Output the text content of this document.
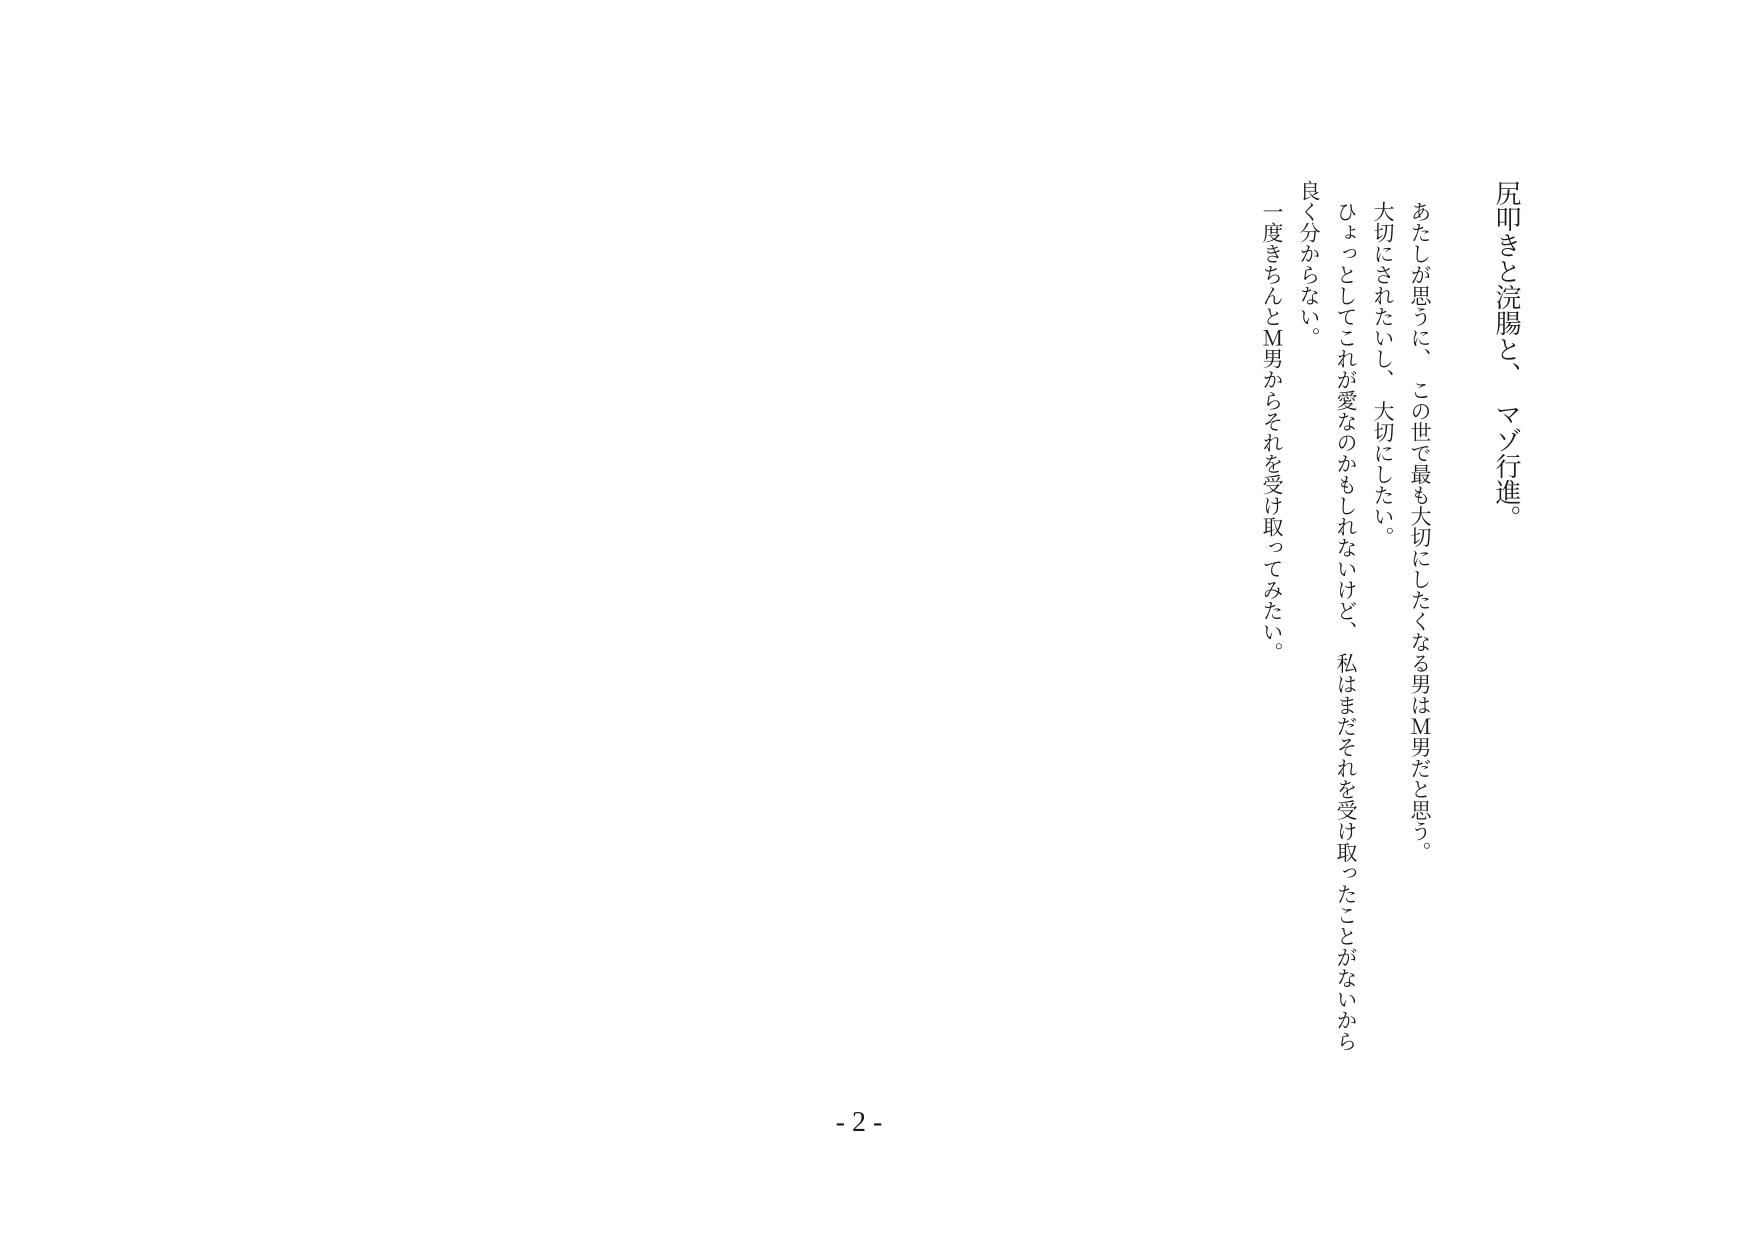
尻叩きと浣腸と、　マゾ行進。

あたしが思うに、　この世で最も大切にしたくなる男はＭ男だと思う。

大切にされたいし、　大切にしたい。

ひょっとしてこれが愛なのかもしれないけど、　私はまだそれを受け取ったことがないから良く分からない。

一度きちんとＭ男からそれを受け取ってみたい。

- 2 -
